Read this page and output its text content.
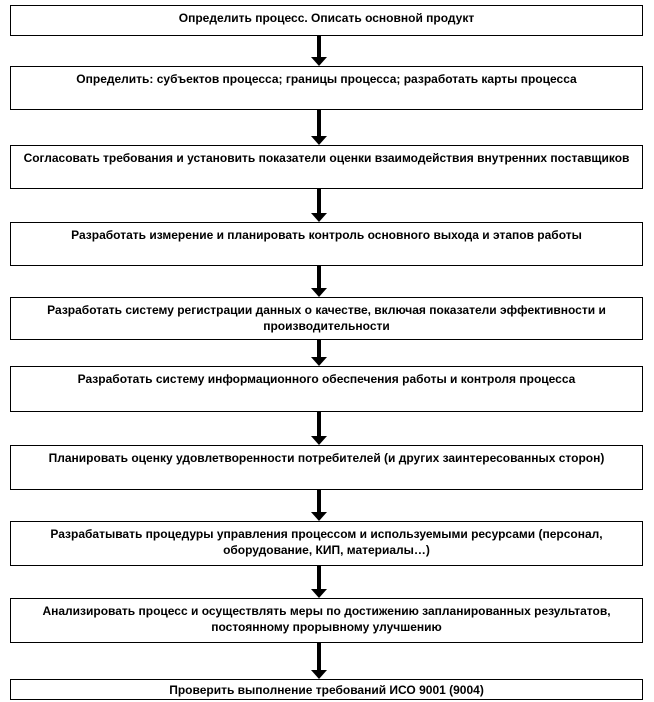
Определить процесс. Описать основной продукт
Определить: субъектов процесса; границы процесса; разработать карты процесса
Согласовать требования и установить показатели оценки взаимодействия внутренних поставщиков
Разработать измерение и планировать контроль основного выхода и этапов работы
Разработать систему регистрации данных о качестве, включая показатели эффективности и производительности
Разработать систему информационного обеспечения работы и контроля процесса
Планировать оценку удовлетворенности потребителей (и других заинтересованных сторон)
Разрабатывать процедуры управления процессом и используемыми ресурсами (персонал, оборудование, КИП, материалы…)
Анализировать процесс и осуществлять меры по достижению запланированных результатов, постоянному прорывному улучшению
Проверить выполнение требований ИСО 9001 (9004)
